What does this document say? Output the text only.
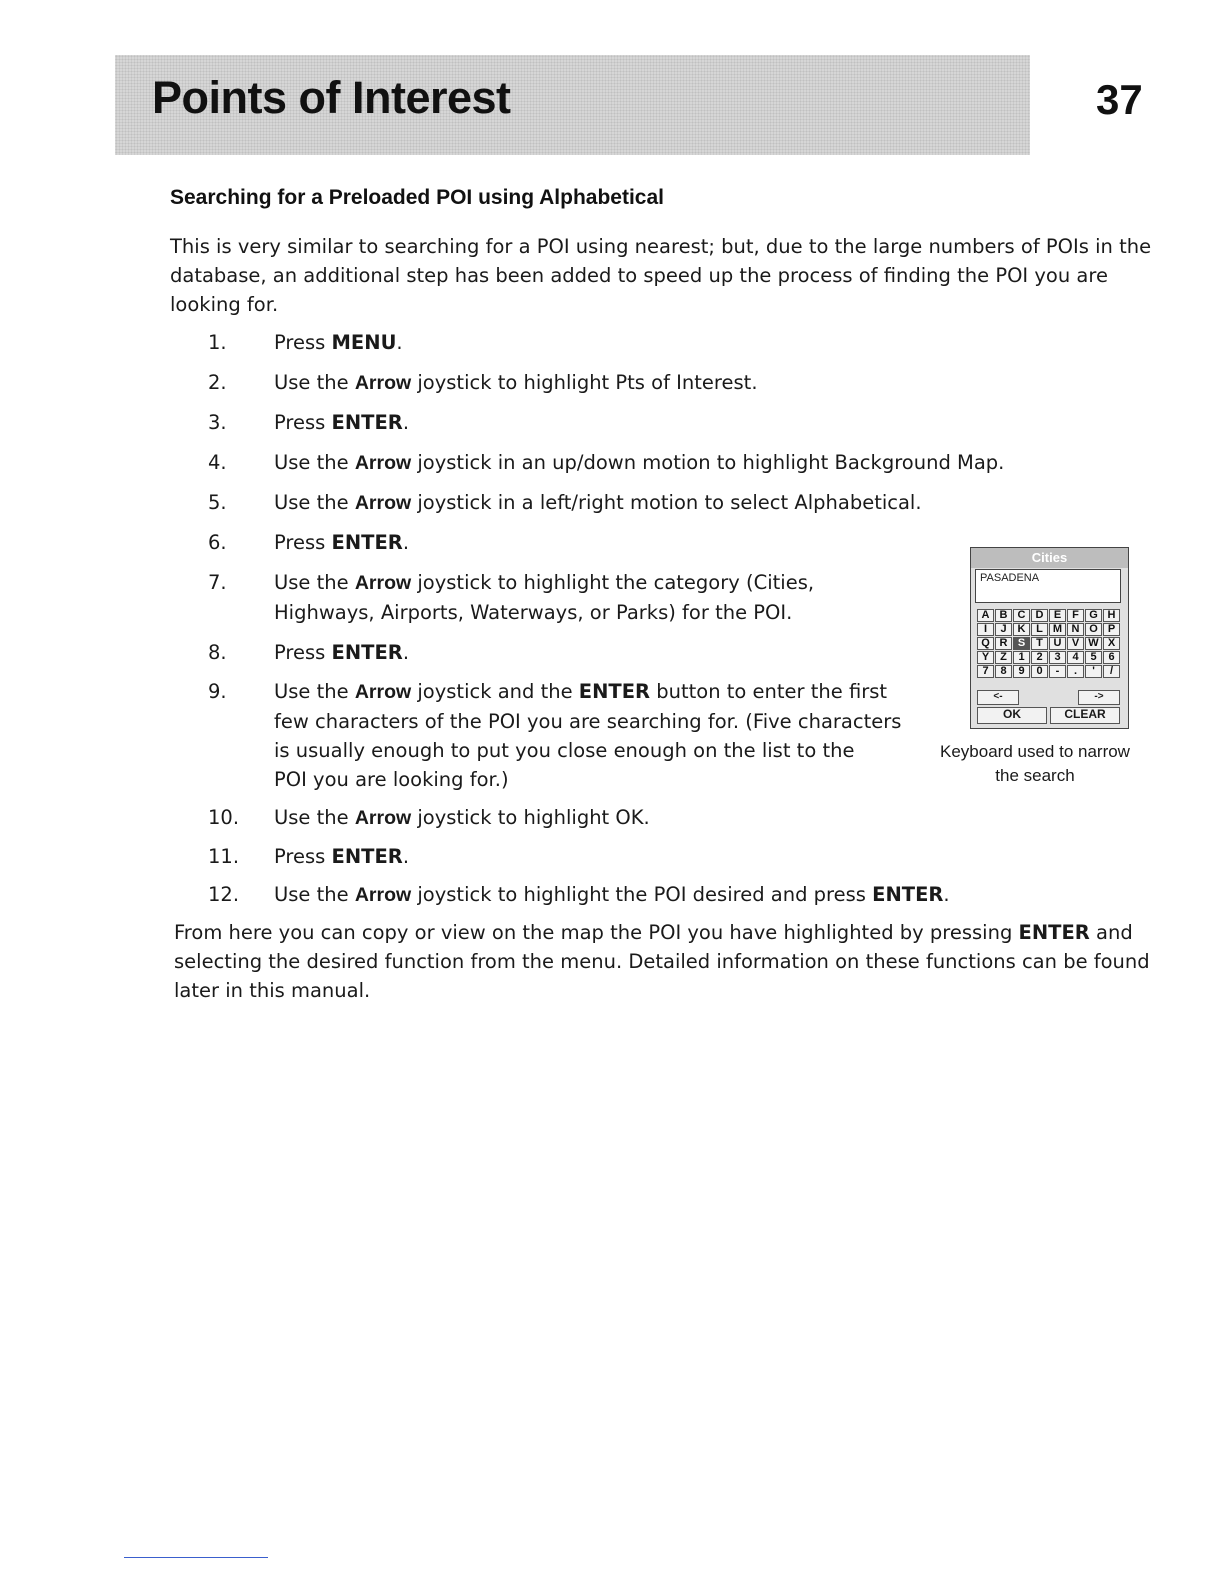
Points of Interest	37
Searching for a Preloaded POI using Alphabetical

This is very similar to searching for a POI using nearest; but, due to the large numbers of POIs in the database, an additional step has been added to speed up the process of finding the POI you are looking for.

1.	Press MENU.
2.	Use the Arrow joystick to highlight Pts of Interest.
3.	Press ENTER.
4.	Use the Arrow joystick in an up/down motion to highlight Background Map.
5.	Use the Arrow joystick in a left/right motion to select Alphabetical.
6.	Press ENTER.
7.	Use the Arrow joystick to highlight the category (Cities,
Highways, Airports, Waterways, or Parks) for the POI.
8.	Press ENTER.
9.	Use the Arrow joystick and the ENTER button to enter the first
few characters of the POI you are searching for. (Five characters
is usually enough to put you close enough on the list to the
POI you are looking for.)
10.	Use the Arrow joystick to highlight OK.
11.	Press ENTER.
12.	Use the Arrow joystick to highlight the POI desired and press ENTER.

From here you can copy or view on the map the POI you have highlighted by pressing ENTER and selecting the desired function from the menu. Detailed information on these functions can be found later in this manual.

Cities
PASADENA
A B C D E F G H
I	J K L M N O P
Q R S T U V W X
Y Z	1	2	3	4	5	6
7	8	9	0	-	.	'	/
<-	->
OK	CLEAR

Keyboard used to narrow
the search
